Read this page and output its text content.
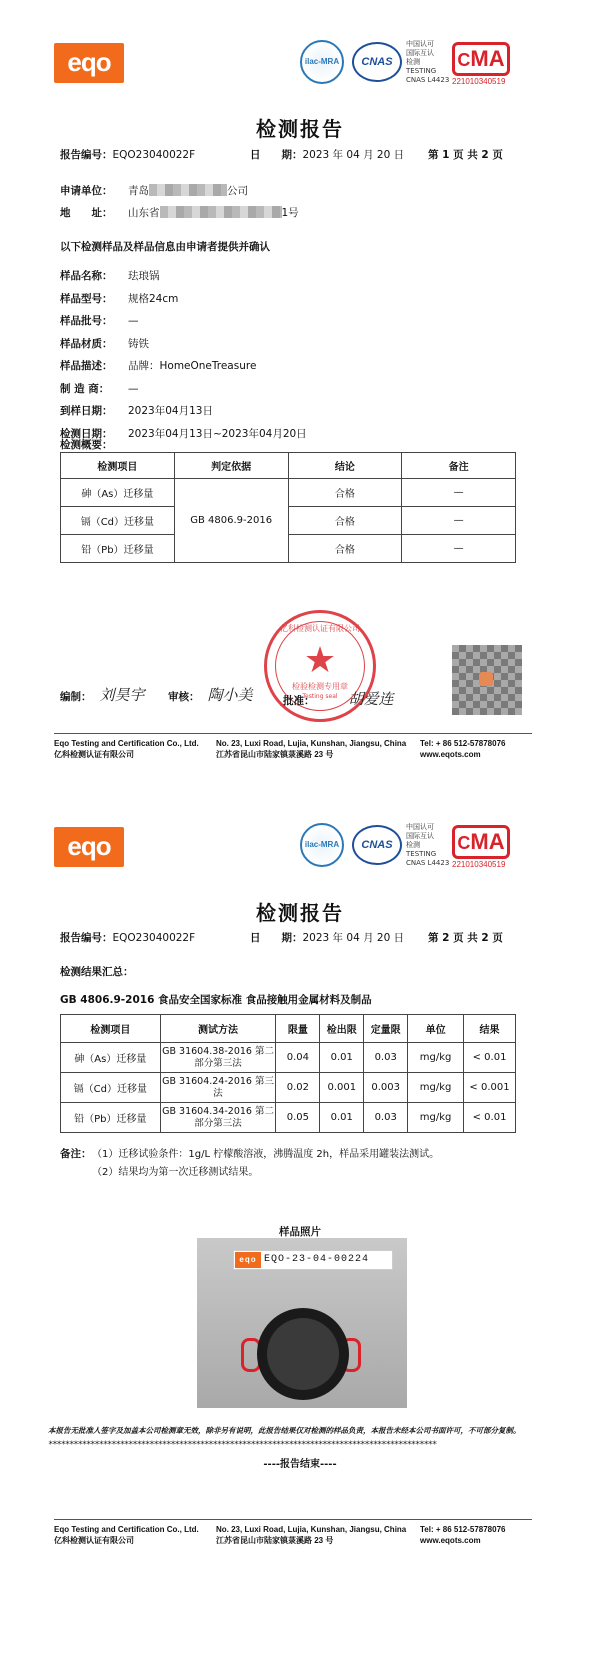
eqo	ilac-MRA	CNAS
中国认可
国际互认
检测
TESTING
CNAS L4423
CMA
221010340519
检测报告
报告编号：EQO23040022F	日　　期：2023 年 04 月 20 日 第 1 页 共 2 页
申请单位： 青岛	公司
地　　址： 山东省	1号
以下检测样品及样品信息由申请者提供并确认
样品名称： 珐琅锅
样品型号： 规格24cm
样品批号： —
样品材质： 铸铁
样品描述： 品牌：HomeOneTreasure
制 造 商： —
到样日期： 2023年04月13日
检测日期： 2023年04月13日~2023年04月20日
检测概要：
检测项目	判定依据	结论	备注
砷（As）迁移量	GB 4806.9-2016	合格	—
镉（Cd）迁移量		合格	—
铅（Pb）迁移量		合格	—
亿科检测认证有限公司
★
检验检测专用章
Testing seal
编制： 刘昊宇 审核： 陶小美	批准： 胡爱连
Eqo Testing and Certification Co., Ltd.
亿科检测认证有限公司
No. 23, Luxi Road, Lujia, Kunshan, Jiangsu, China
江苏省昆山市陆家镇菉溪路 23 号
Tel: + 86 512-57878076
www.eqots.com
eqo	ilac-MRA	CNAS
中国认可
国际互认
检测
TESTING
CNAS L4423
CMA
221010340519
检测报告
报告编号：EQO23040022F	日　　期：2023 年 04 月 20 日 第 2 页 共 2 页
检测结果汇总：
GB 4806.9-2016 食品安全国家标准 食品接触用金属材料及制品
检测项目	测试方法	限量	检出限	定量限	单位	结果
砷（As）迁移量	GB 31604.38-2016 第二部分第三法	0.04	0.01	0.03	mg/kg	< 0.01
镉（Cd）迁移量	GB 31604.24-2016 第三法	0.02	0.001	0.003	mg/kg	< 0.001
铅（Pb）迁移量	GB 31604.34-2016 第二部分第三法	0.05	0.01	0.03	mg/kg	< 0.01
备注：（1）迁移试验条件：1g/L 柠檬酸溶液，沸腾温度 2h，样品采用罐装法测试。
（2）结果均为第一次迁移测试结果。
样品照片
eqo EQO-23-04-00224
本报告无批准人签字及加盖本公司检测章无效，除非另有说明，此报告结果仅对检测的样品负责，本报告未经本公司书面许可，不可部分复制。
********************************************************************************************
----报告结束----
Eqo Testing and Certification Co., Ltd.
亿科检测认证有限公司
No. 23, Luxi Road, Lujia, Kunshan, Jiangsu, China
江苏省昆山市陆家镇菉溪路 23 号
Tel: + 86 512-57878076
www.eqots.com
